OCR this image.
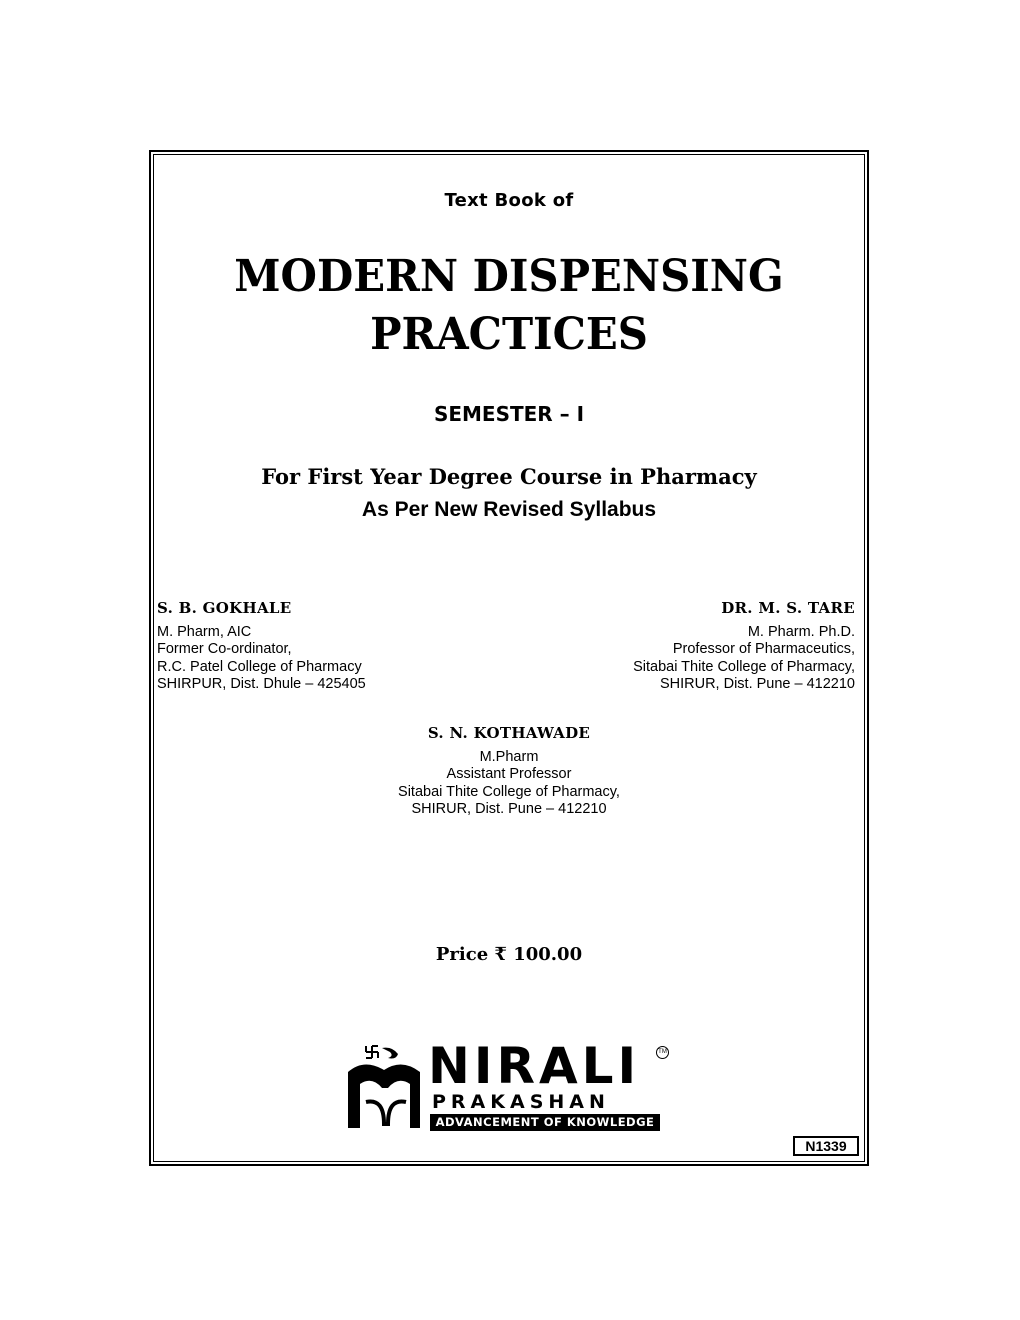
Text Book of
MODERN DISPENSING
PRACTICES
SEMESTER – I
For First Year Degree Course in Pharmacy
As Per New Revised Syllabus
S. B. GOKHALE
M. Pharm, AIC
Former Co-ordinator,
R.C. Patel College of Pharmacy
SHIRPUR, Dist. Dhule – 425405
DR. M. S. TARE
M. Pharm. Ph.D.
Professor of Pharmaceutics,
Sitabai Thite College of Pharmacy,
SHIRUR, Dist. Pune – 412210
S. N. KOTHAWADE
M.Pharm
Assistant Professor
Sitabai Thite College of Pharmacy,
SHIRUR, Dist. Pune – 412210
Price ₹ 100.00
NIRALI	TM
PRAKASHAN
ADVANCEMENT OF KNOWLEDGE
N1339
